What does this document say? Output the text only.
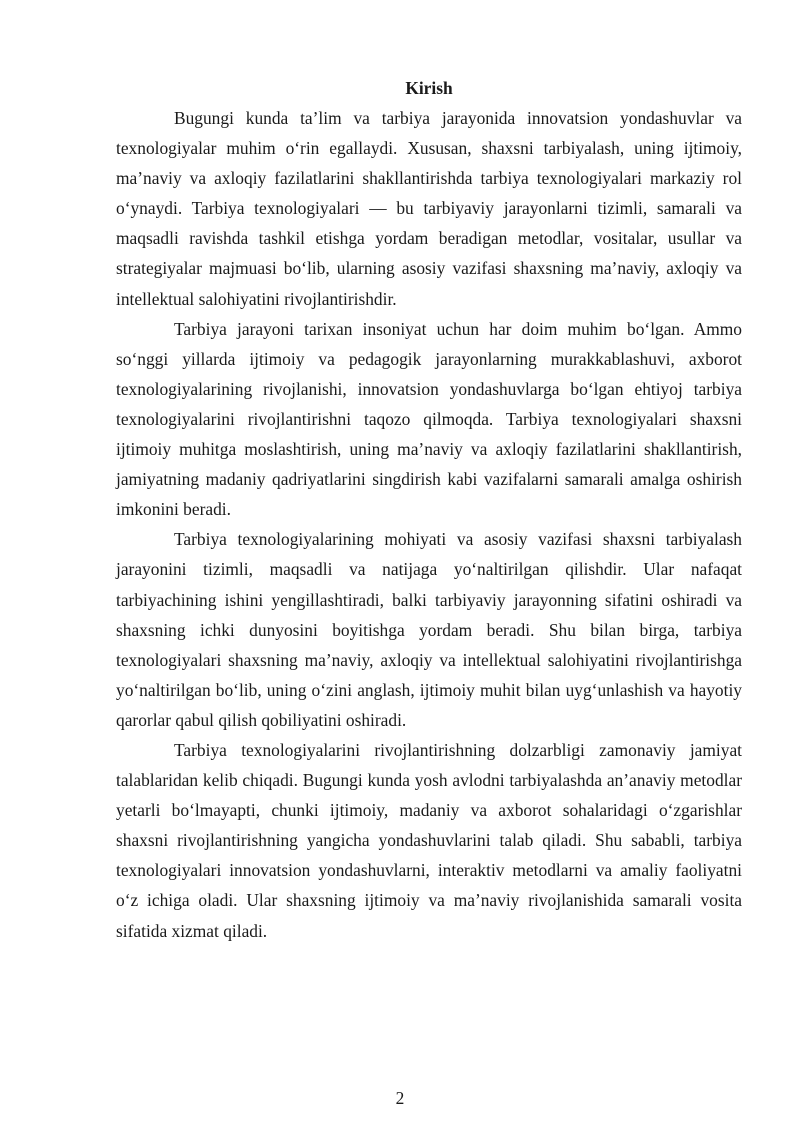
Kirish

Bugungi kunda ta’lim va tarbiya jarayonida innovatsion yondashuvlar va texnologiyalar muhim o‘rin egallaydi. Xususan, shaxsni tarbiyalash, uning ijtimoiy, ma’naviy va axloqiy fazilatlarini shakllantirishda tarbiya texnologiyalari markaziy rol o‘ynaydi. Tarbiya texnologiyalari — bu tarbiyaviy jarayonlarni tizimli, samarali va maqsadli ravishda tashkil etishga yordam beradigan metodlar, vositalar, usullar va strategiyalar majmuasi bo‘lib, ularning asosiy vazifasi shaxsning ma’naviy, axloqiy va intellektual salohiyatini rivojlantirishdir.

Tarbiya jarayoni tarixan insoniyat uchun har doim muhim bo‘lgan. Ammo so‘nggi yillarda ijtimoiy va pedagogik jarayonlarning murakkablashuvi, axborot texnologiyalarining rivojlanishi, innovatsion yondashuvlarga bo‘lgan ehtiyoj tarbiya texnologiyalarini rivojlantirishni taqozo qilmoqda. Tarbiya texnologiyalari shaxsni ijtimoiy muhitga moslashtirish, uning ma’naviy va axloqiy fazilatlarini shakllantirish, jamiyatning madaniy qadriyatlarini singdirish kabi vazifalarni samarali amalga oshirish imkonini beradi.

Tarbiya texnologiyalarining mohiyati va asosiy vazifasi shaxsni tarbiyalash jarayonini tizimli, maqsadli va natijaga yo‘naltirilgan qilishdir. Ular nafaqat tarbiyachining ishini yengillashtiradi, balki tarbiyaviy jarayonning sifatini oshiradi va shaxsning ichki dunyosini boyitishga yordam beradi. Shu bilan birga, tarbiya texnologiyalari shaxsning ma’naviy, axloqiy va intellektual salohiyatini rivojlantirishga yo‘naltirilgan bo‘lib, uning o‘zini anglash, ijtimoiy muhit bilan uyg‘unlashish va hayotiy qarorlar qabul qilish qobiliyatini oshiradi.

Tarbiya texnologiyalarini rivojlantirishning dolzarbligi zamonaviy jamiyat talablaridan kelib chiqadi. Bugungi kunda yosh avlodni tarbiyalashda an’anaviy metodlar yetarli bo‘lmayapti, chunki ijtimoiy, madaniy va axborot sohalaridagi o‘zgarishlar shaxsni rivojlantirishning yangicha yondashuvlarini talab qiladi. Shu sababli, tarbiya texnologiyalari innovatsion yondashuvlarni, interaktiv metodlarni va amaliy faoliyatni o‘z ichiga oladi. Ular shaxsning ijtimoiy va ma’naviy rivojlanishida samarali vosita sifatida xizmat qiladi.

2
